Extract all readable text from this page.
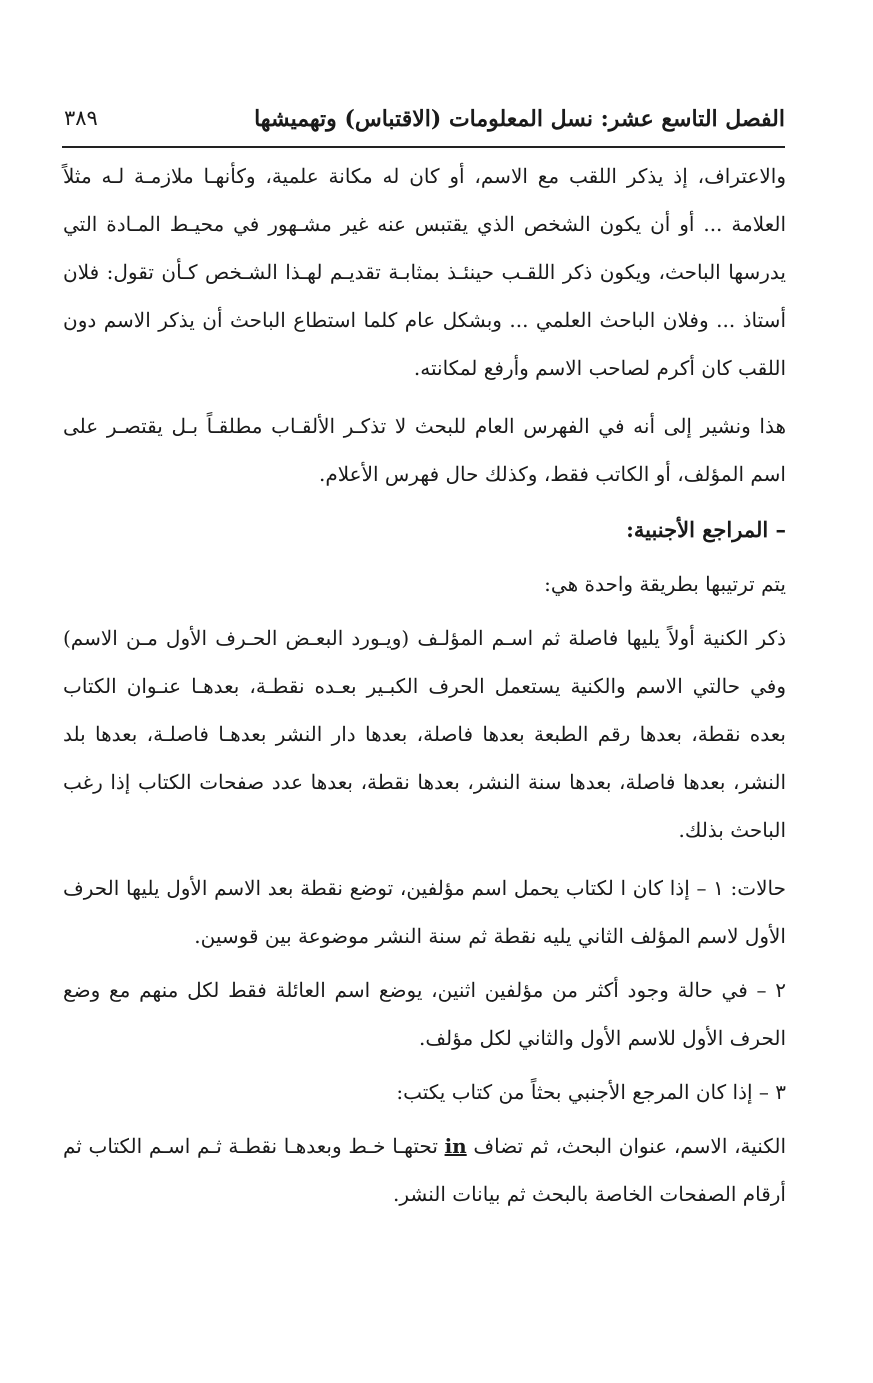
الفصل التاسع عشر: نسل المعلومات (الاقتباس) وتهميشها
٣٨٩

والاعتراف، إذ يذكر اللقب مع الاسم، أو كان له مكانة علمية، وكأنهـا ملازمـة لـه مثلاً العلامة ... أو أن يكون الشخص الذي يقتبس عنه غير مشـهور في محيـط المـادة التي يدرسها الباحث، ويكون ذكر اللقـب حينئـذ بمثابـة تقديـم لهـذا الشـخص كـأن تقول: فلان أستاذ ... وفلان الباحث العلمي ... وبشكل عام كلما استطاع الباحث أن يذكر الاسم دون اللقب كان أكرم لصاحب الاسم وأرفع لمكانته.

هذا ونشير إلى أنه في الفهرس العام للبحث لا تذكـر الألقـاب مطلقـاً بـل يقتصـر على اسم المؤلف، أو الكاتب فقط، وكذلك حال فهرس الأعلام.

– المراجع الأجنبية:

يتم ترتيبها بطريقة واحدة هي:

ذكر الكنية أولاً يليها فاصلة ثم اسـم المؤلـف (ويـورد البعـض الحـرف الأول مـن الاسم) وفي حالتي الاسم والكنية يستعمل الحرف الكبـير بعـده نقطـة، بعدهـا عنـوان الكتاب بعده نقطة، بعدها رقم الطبعة بعدها فاصلة، بعدها دار النشر بعدهـا فاصلـة، بعدها بلد النشر، بعدها فاصلة، بعدها سنة النشر، بعدها نقطة، بعدها عدد صفحات الكتاب إذا رغب الباحث بذلك.

حالات: ١ – إذا كان ا لكتاب يحمل اسم مؤلفين، توضع نقطة بعد الاسم الأول يليها الحرف الأول لاسم المؤلف الثاني يليه نقطة ثم سنة النشر موضوعة بين قوسين.

٢ – في حالة وجود أكثر من مؤلفين اثنين، يوضع اسم العائلة فقط لكل منهم مع وضع الحرف الأول للاسم الأول والثاني لكل مؤلف.

٣ – إذا كان المرجع الأجنبي بحثاً من كتاب يكتب:

الكنية، الاسم، عنوان البحث، ثم تضاف in تحتهـا خـط وبعدهـا نقطـة ثـم اسـم الكتاب ثم أرقام الصفحات الخاصة بالبحث ثم بيانات النشر.
